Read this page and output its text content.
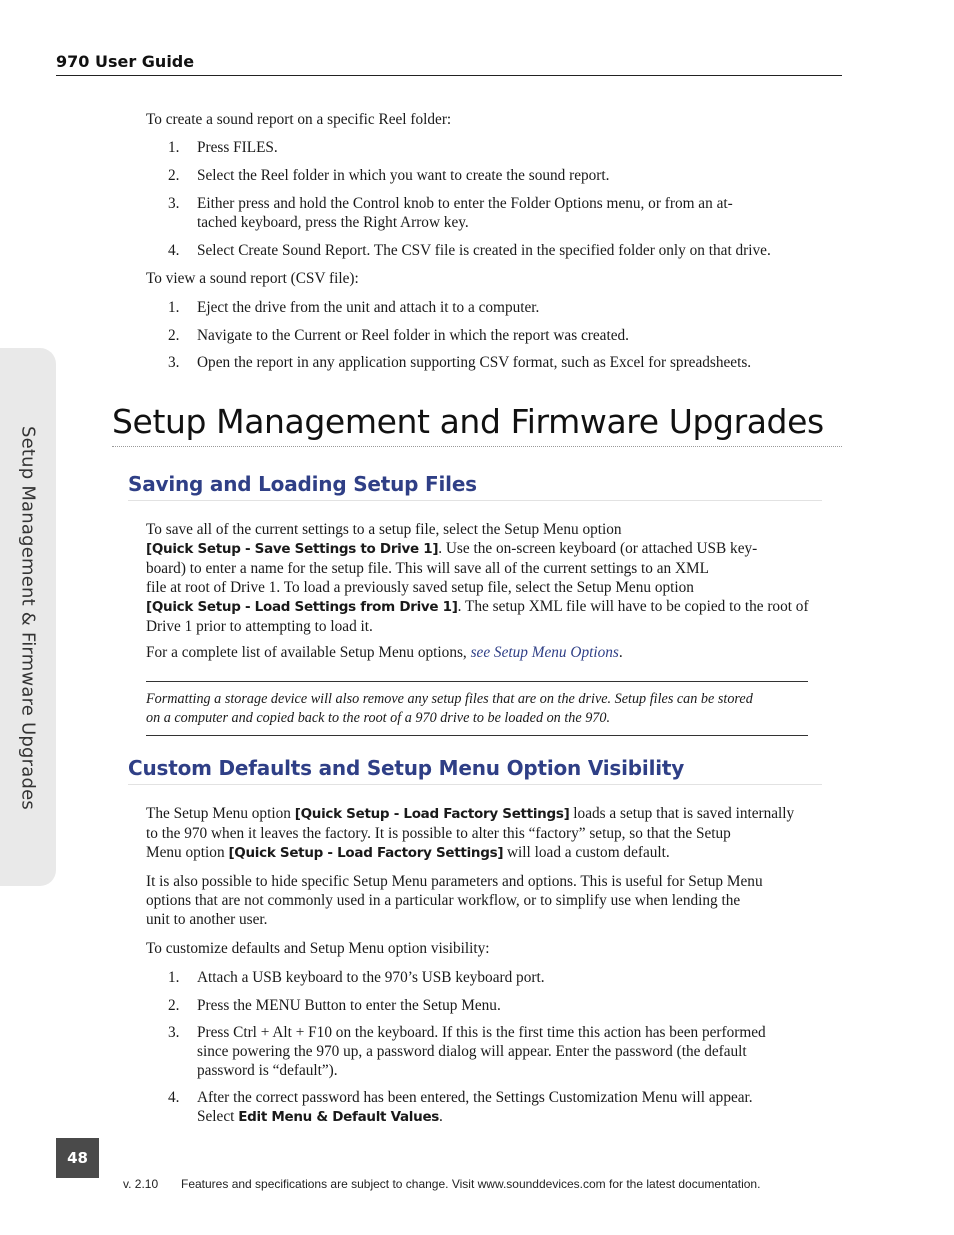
970 User Guide
Setup Management & Firmware Upgrades
To create a sound report on a specific Reel folder:
1. Press FILES.
2. Select the Reel folder in which you want to create the sound report.
3. Either press and hold the Control knob to enter the Folder Options menu, or from an at-
tached keyboard, press the Right Arrow key.
4. Select Create Sound Report. The CSV file is created in the specified folder only on that drive.
To view a sound report (CSV file):
1. Eject the drive from the unit and attach it to a computer.
2. Navigate to the Current or Reel folder in which the report was created.
3. Open the report in any application supporting CSV format, such as Excel for spreadsheets.
Setup Management and Firmware Upgrades
Saving and Loading Setup Files
To save all of the current settings to a setup file, select the Setup Menu option
[Quick Setup - Save Settings to Drive 1]. Use the on-screen keyboard (or attached USB key-
board) to enter a name for the setup file. This will save all of the current settings to an XML
file at root of Drive 1. To load a previously saved setup file, select the Setup Menu option
[Quick Setup - Load Settings from Drive 1]. The setup XML file will have to be copied to the root of
Drive 1 prior to attempting to load it.
For a complete list of available Setup Menu options, see Setup Menu Options.
Formatting a storage device will also remove any setup files that are on the drive. Setup files can be stored
on a computer and copied back to the root of a 970 drive to be loaded on the 970.
Custom Defaults and Setup Menu Option Visibility
The Setup Menu option [Quick Setup - Load Factory Settings] loads a setup that is saved internally
to the 970 when it leaves the factory. It is possible to alter this “factory” setup, so that the Setup
Menu option [Quick Setup - Load Factory Settings] will load a custom default.
It is also possible to hide specific Setup Menu parameters and options. This is useful for Setup Menu
options that are not commonly used in a particular workflow, or to simplify use when lending the
unit to another user.
To customize defaults and Setup Menu option visibility:
1. Attach a USB keyboard to the 970’s USB keyboard port.
2. Press the MENU Button to enter the Setup Menu.
3. Press Ctrl + Alt + F10 on the keyboard. If this is the first time this action has been performed
since powering the 970 up, a password dialog will appear. Enter the password (the default
password is “default”).
4. After the correct password has been entered, the Settings Customization Menu will appear.
Select Edit Menu & Default Values.
48
v. 2.10 Features and specifications are subject to change. Visit www.sounddevices.com for the latest documentation.
